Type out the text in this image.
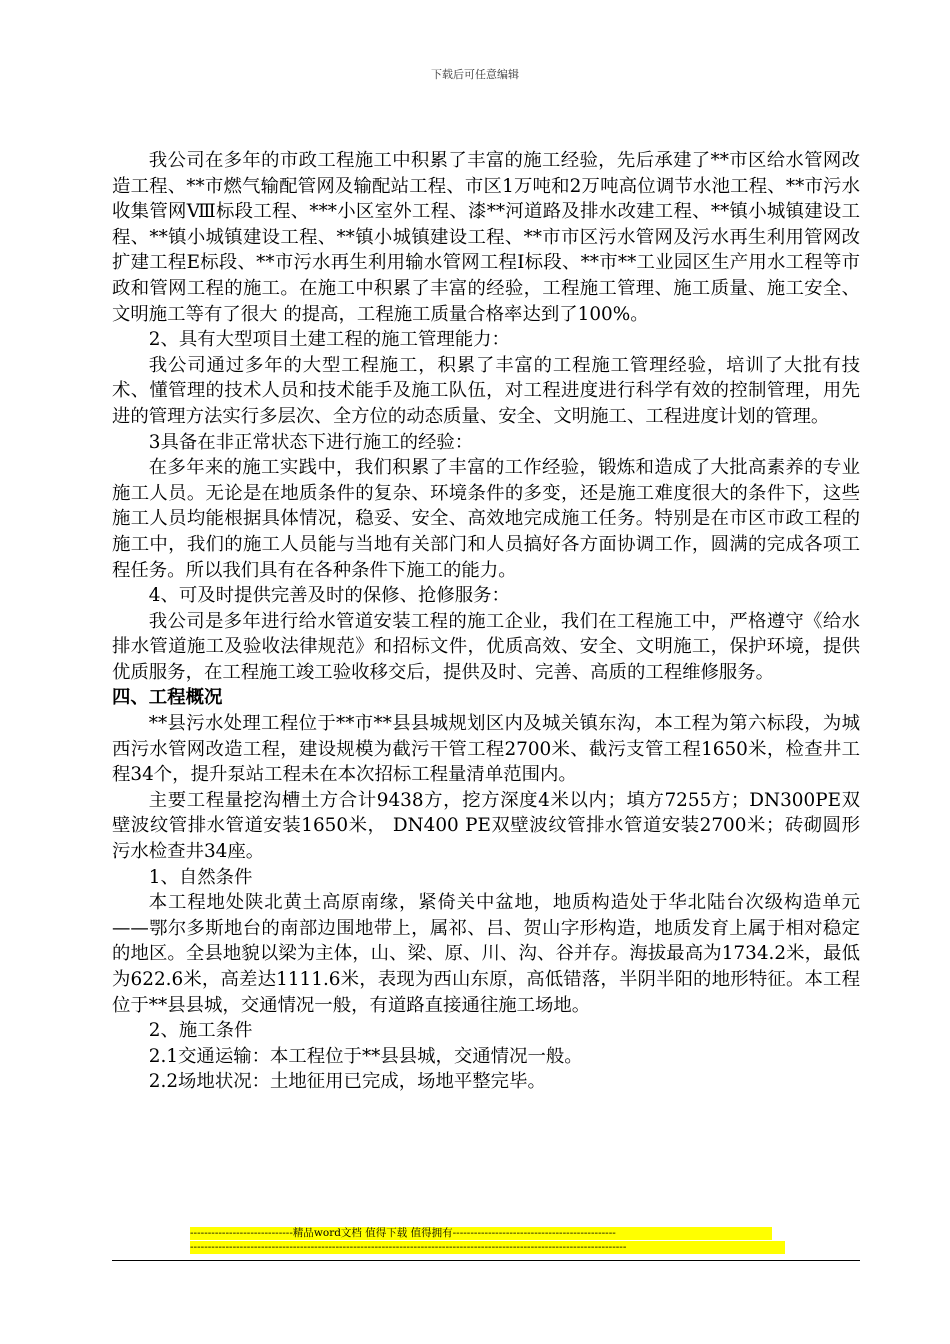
下载后可任意编辑

我公司在多年的市政工程施工中积累了丰富的施工经验，先后承建了**市区给水管网改造工程、**市燃气输配管网及输配站工程、市区1万吨和2万吨高位调节水池工程、**市污水收集管网Ⅷ标段工程、***小区室外工程、漆**河道路及排水改建工程、**镇小城镇建设工程、**镇小城镇建设工程、**镇小城镇建设工程、**市市区污水管网及污水再生利用管网改扩建工程E标段、**市污水再生利用输水管网工程Ⅰ标段、**市**工业园区生产用水工程等市政和管网工程的施工。在施工中积累了丰富的经验，工程施工管理、施工质量、施工安全、文明施工等有了很大 的提高，工程施工质量合格率达到了100%。

2、具有大型项目土建工程的施工管理能力：

我公司通过多年的大型工程施工，积累了丰富的工程施工管理经验，培训了大批有技术、懂管理的技术人员和技术能手及施工队伍，对工程进度进行科学有效的控制管理，用先进的管理方法实行多层次、全方位的动态质量、安全、文明施工、工程进度计划的管理。

3具备在非正常状态下进行施工的经验：

在多年来的施工实践中，我们积累了丰富的工作经验，锻炼和造成了大批高素养的专业施工人员。无论是在地质条件的复杂、环境条件的多变，还是施工难度很大的条件下，这些施工人员均能根据具体情况，稳妥、安全、高效地完成施工任务。特别是在市区市政工程的施工中，我们的施工人员能与当地有关部门和人员搞好各方面协调工作，圆满的完成各项工程任务。所以我们具有在各种条件下施工的能力。

4、可及时提供完善及时的保修、抢修服务：

我公司是多年进行给水管道安装工程的施工企业，我们在工程施工中，严格遵守《给水排水管道施工及验收法律规范》和招标文件，优质高效、安全、文明施工，保护环境，提供优质服务，在工程施工竣工验收移交后，提供及时、完善、高质的工程维修服务。

四、工程概况

**县污水处理工程位于**市**县县城规划区内及城关镇东沟，本工程为第六标段，为城西污水管网改造工程，建设规模为截污干管工程2700米、截污支管工程1650米，检查井工程34个，提升泵站工程未在本次招标工程量清单范围内。

主要工程量挖沟槽土方合计9438方，挖方深度4米以内；填方7255方；DN300PE双壁波纹管排水管道安装1650米， DN400 PE双壁波纹管排水管道安装2700米；砖砌圆形污水检查井34座。

1、自然条件

本工程地处陕北黄土高原南缘，紧倚关中盆地，地质构造处于华北陆台次级构造单元——鄂尔多斯地台的南部边围地带上，属祁、吕、贺山字形构造，地质发育上属于相对稳定的地区。全县地貌以梁为主体，山、梁、原、川、沟、谷并存。海拔最高为1734.2米，最低为622.6米，高差达1111.6米，表现为西山东原，高低错落，半阴半阳的地形特征。本工程位于**县县城，交通情况一般，有道路直接通往施工场地。

2、施工条件

2.1交通运输：本工程位于**县县城，交通情况一般。

2.2场地状况：土地征用已完成，场地平整完毕。

-----------------------------精品word文档 值得下载 值得拥有----------------------------------------------
---------------------------------------------------------------------------------------------------------------------------
